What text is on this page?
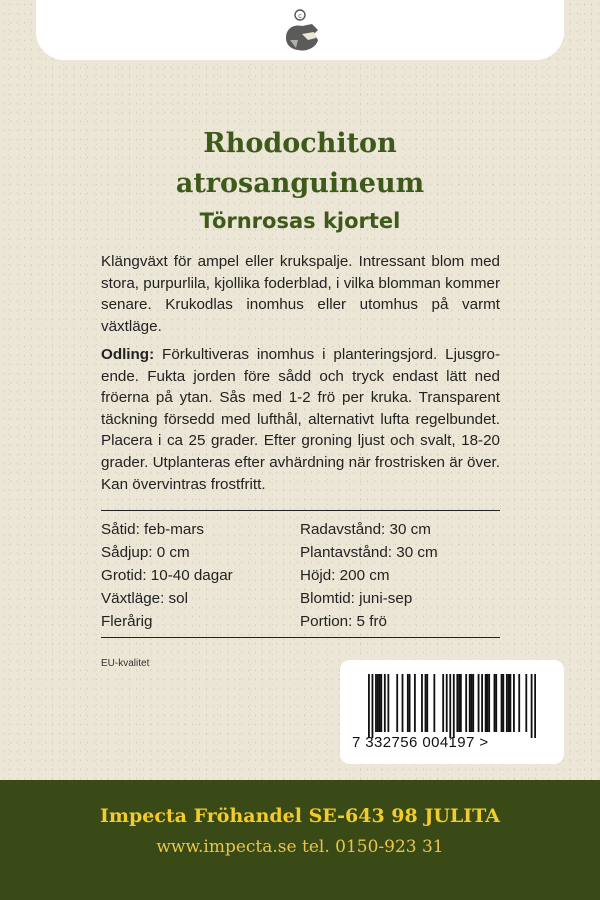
c
Rhodochiton
atrosanguineum
Törnrosas kjortel
Klängväxt för ampel eller krukspalje. Intressant blom med stora, purpurlila, kjollika foderblad, i vilka blomman kommer senare. Krukodlas inomhus eller utomhus på varmt växtläge.
Odling: Förkultiveras inomhus i planteringsjord. Ljusgroende. Fukta jorden före sådd och tryck endast lätt ned fröerna på ytan. Sås med 1-2 frö per kruka. Transparent täckning försedd med lufthål, alternativt lufta regelbundet. Placera i ca 25 grader. Efter groning ljust och svalt, 18-20 grader. Utplanteras efter avhärdning när frostrisken är över. Kan övervintras frostfritt.
Såtid: feb-mars
Sådjup: 0 cm
Grotid: 10-40 dagar
Växtläge: sol
Flerårig
Radavstånd: 30 cm
Plantavstånd: 30 cm
Höjd: 200 cm
Blomtid: juni-sep
Portion: 5 frö
EU-kvalitet
7 332756 004197 >
Impecta Fröhandel SE-643 98 JULITA
www.impecta.se tel. 0150-923 31
